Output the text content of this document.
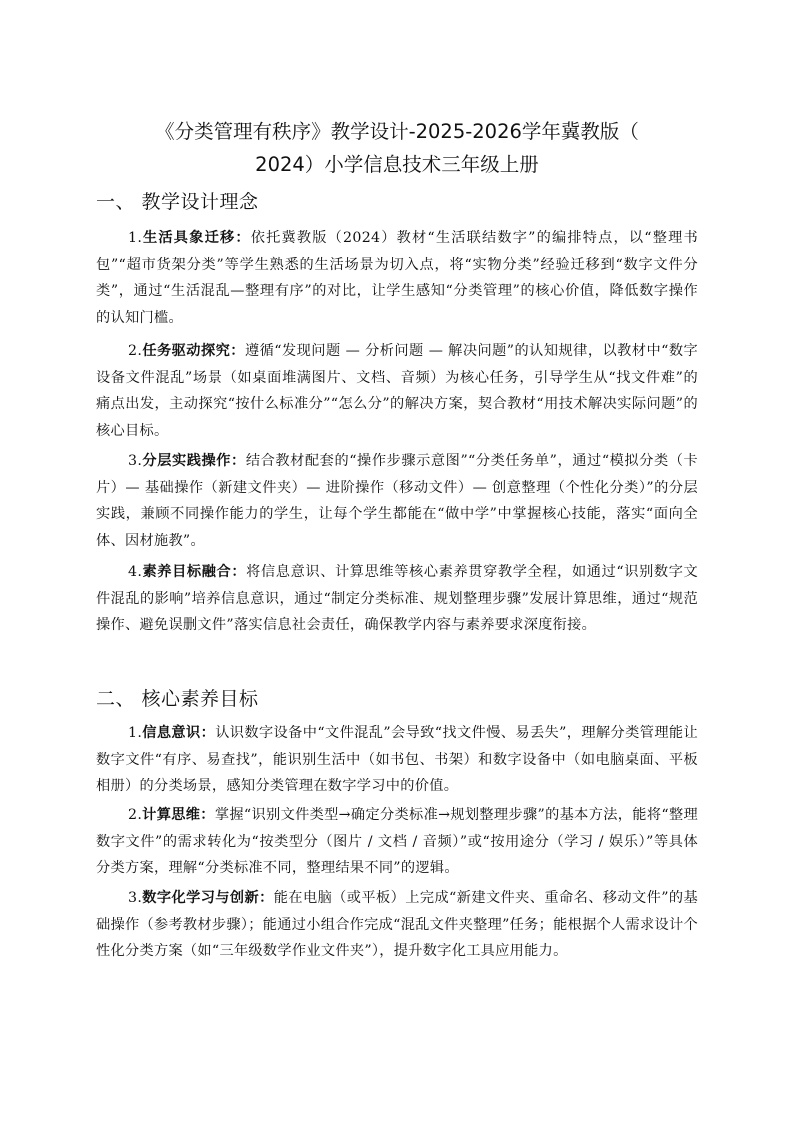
《分类管理有秩序》教学设计-2025-2026学年冀教版（
2024）小学信息技术三年级上册
一、 教学设计理念

1.生活具象迁移：依托冀教版（2024）教材“生活联结数字”的编排特点，以“整理书包”“超市货架分类”等学生熟悉的生活场景为切入点，将“实物分类”经验迁移到“数字文件分类”，通过“生活混乱—整理有序”的对比，让学生感知“分类管理”的核心价值，降低数字操作的认知门槛。

2.任务驱动探究：遵循“发现问题 — 分析问题 — 解决问题”的认知规律，以教材中“数字设备文件混乱”场景（如桌面堆满图片、文档、音频）为核心任务，引导学生从“找文件难”的痛点出发，主动探究“按什么标准分”“怎么分”的解决方案，契合教材“用技术解决实际问题”的核心目标。

3.分层实践操作：结合教材配套的“操作步骤示意图”“分类任务单”，通过“模拟分类（卡片）— 基础操作（新建文件夹）— 进阶操作（移动文件）— 创意整理（个性化分类）”的分层实践，兼顾不同操作能力的学生，让每个学生都能在“做中学”中掌握核心技能，落实“面向全体、因材施教”。

4.素养目标融合：将信息意识、计算思维等核心素养贯穿教学全程，如通过“识别数字文件混乱的影响”培养信息意识，通过“制定分类标准、规划整理步骤”发展计算思维，通过“规范操作、避免误删文件”落实信息社会责任，确保教学内容与素养要求深度衔接。

二、 核心素养目标

1.信息意识：认识数字设备中“文件混乱”会导致“找文件慢、易丢失”，理解分类管理能让数字文件“有序、易查找”，能识别生活中（如书包、书架）和数字设备中（如电脑桌面、平板相册）的分类场景，感知分类管理在数字学习中的价值。

2.计算思维：掌握“识别文件类型→确定分类标准→规划整理步骤”的基本方法，能将“整理数字文件”的需求转化为“按类型分（图片 / 文档 / 音频）”或“按用途分（学习 / 娱乐）”等具体分类方案，理解“分类标准不同，整理结果不同”的逻辑。

3.数字化学习与创新：能在电脑（或平板）上完成“新建文件夹、重命名、移动文件”的基础操作（参考教材步骤）；能通过小组合作完成“混乱文件夹整理”任务；能根据个人需求设计个性化分类方案（如“三年级数学作业文件夹”），提升数字化工具应用能力。
